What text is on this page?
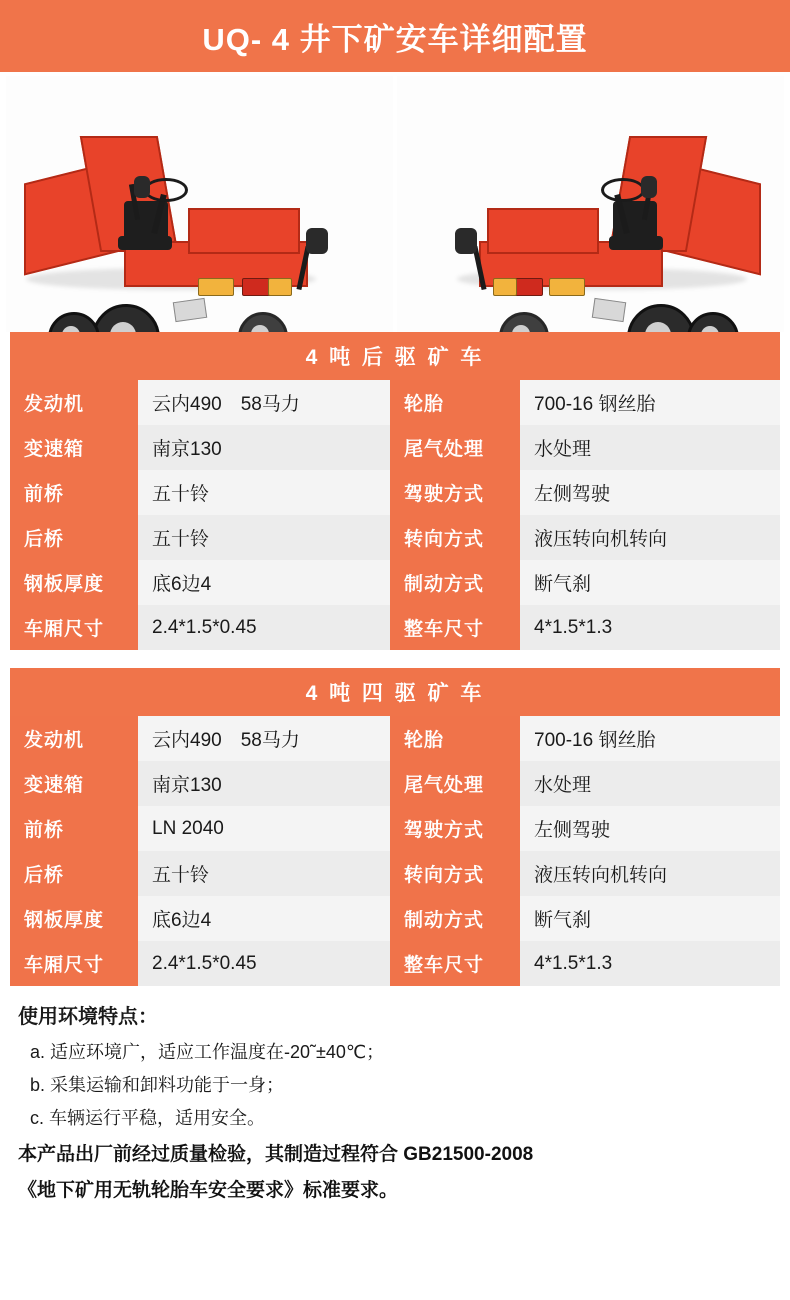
UQ- 4 井下矿安车详细配置
4 吨 后 驱 矿 车
发动机	云内490　58马力	轮胎	700-16 钢丝胎
变速箱	南京130	尾气处理	水处理
前桥	五十铃	驾驶方式	左侧驾驶
后桥	五十铃	转向方式	液压转向机转向
钢板厚度	底6边4	制动方式	断气刹
车厢尺寸	2.4*1.5*0.45	整车尺寸	4*1.5*1.3
4 吨 四 驱 矿 车
发动机	云内490　58马力	轮胎	700-16 钢丝胎
变速箱	南京130	尾气处理	水处理
前桥	LN 2040	驾驶方式	左侧驾驶
后桥	五十铃	转向方式	液压转向机转向
钢板厚度	底6边4	制动方式	断气刹
车厢尺寸	2.4*1.5*0.45	整车尺寸	4*1.5*1.3
使用环境特点：
a. 适应环境广，适应工作温度在-20˜±40℃；
b. 采集运输和卸料功能于一身；
c. 车辆运行平稳，适用安全。
本产品出厂前经过质量检验，其制造过程符合 GB21500-2008
《地下矿用无轨轮胎车安全要求》标准要求。
